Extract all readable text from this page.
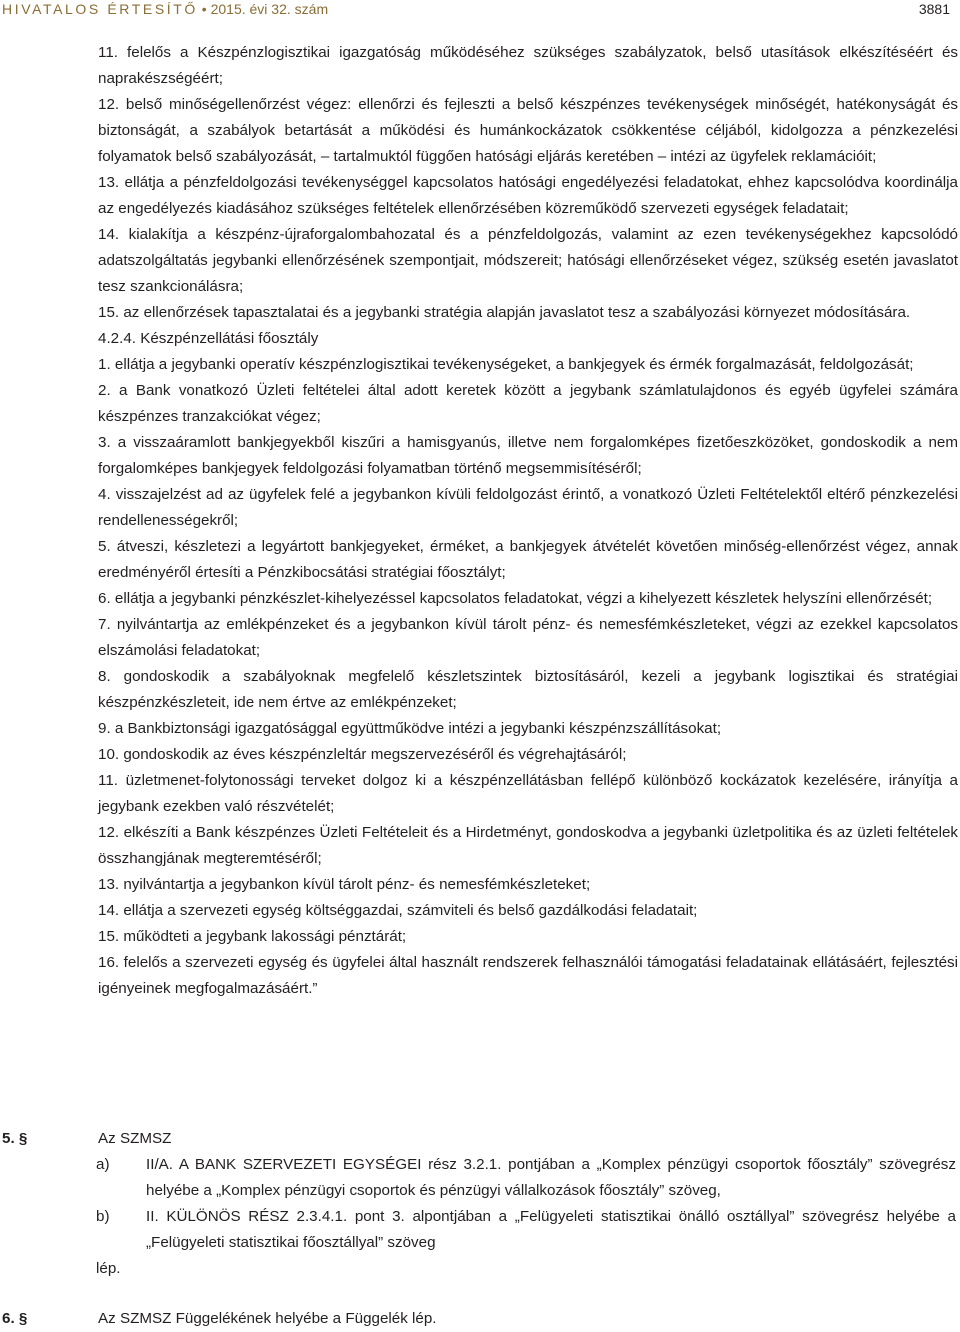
HIVATALOS ÉRTESÍTŐ • 2015. évi 32. szám	3881

11. felelős a Készpénzlogisztikai igazgatóság működéséhez szükséges szabályzatok, belső utasítások elkészítéséért és naprakészségéért;

12. belső minőségellenőrzést végez: ellenőrzi és fejleszti a belső készpénzes tevékenységek minőségét, hatékonyságát és biztonságát, a szabályok betartását a működési és humánkockázatok csökkentése céljából, kidolgozza a pénzkezelési folyamatok belső szabályozását, – tartalmuktól függően hatósági eljárás keretében – intézi az ügyfelek reklamációit;

13. ellátja a pénzfeldolgozási tevékenységgel kapcsolatos hatósági engedélyezési feladatokat, ehhez kapcsolódva koordinálja az engedélyezés kiadásához szükséges feltételek ellenőrzésében közreműködő szervezeti egységek feladatait;

14. kialakítja a készpénz-újraforgalombahozatal és a pénzfeldolgozás, valamint az ezen tevékenységekhez kapcsolódó adatszolgáltatás jegybanki ellenőrzésének szempontjait, módszereit; hatósági ellenőrzéseket végez, szükség esetén javaslatot tesz szankcionálásra;

15. az ellenőrzések tapasztalatai és a jegybanki stratégia alapján javaslatot tesz a szabályozási környezet módosítására.

4.2.4. Készpénzellátási főosztály

1. ellátja a jegybanki operatív készpénzlogisztikai tevékenységeket, a bankjegyek és érmék forgalmazását, feldolgozását;

2. a Bank vonatkozó Üzleti feltételei által adott keretek között a jegybank számlatulajdonos és egyéb ügyfelei számára készpénzes tranzakciókat végez;

3. a visszaáramlott bankjegyekből kiszűri a hamisgyanús, illetve nem forgalomképes fizetőeszközöket, gondoskodik a nem forgalomképes bankjegyek feldolgozási folyamatban történő megsemmisítéséről;

4. visszajelzést ad az ügyfelek felé a jegybankon kívüli feldolgozást érintő, a vonatkozó Üzleti Feltételektől eltérő pénzkezelési rendellenességekről;

5. átveszi, készletezi a legyártott bankjegyeket, érméket, a bankjegyek átvételét követően minőség-ellenőrzést végez, annak eredményéről értesíti a Pénzkibocsátási stratégiai főosztályt;

6. ellátja a jegybanki pénzkészlet-kihelyezéssel kapcsolatos feladatokat, végzi a kihelyezett készletek helyszíni ellenőrzését;

7. nyilvántartja az emlékpénzeket és a jegybankon kívül tárolt pénz- és nemesfémkészleteket, végzi az ezekkel kapcsolatos elszámolási feladatokat;

8. gondoskodik a szabályoknak megfelelő készletszintek biztosításáról, kezeli a jegybank logisztikai és stratégiai készpénzkészleteit, ide nem értve az emlékpénzeket;

9. a Bankbiztonsági igazgatósággal együttműködve intézi a jegybanki készpénzszállításokat;

10. gondoskodik az éves készpénzleltár megszervezéséről és végrehajtásáról;

11. üzletmenet-folytonossági terveket dolgoz ki a készpénzellátásban fellépő különböző kockázatok kezelésére, irányítja a jegybank ezekben való részvételét;

12. elkészíti a Bank készpénzes Üzleti Feltételeit és a Hirdetményt, gondoskodva a jegybanki üzletpolitika és az üzleti feltételek összhangjának megteremtéséről;

13. nyilvántartja a jegybankon kívül tárolt pénz- és nemesfémkészleteket;

14. ellátja a szervezeti egység költséggazdai, számviteli és belső gazdálkodási feladatait;

15. működteti a jegybank lakossági pénztárát;

16. felelős a szervezeti egység és ügyfelei által használt rendszerek felhasználói támogatási feladatainak ellátásáért, fejlesztési igényeinek megfogalmazásáért.”

5. §	Az SZMSZ
a) II/A. A BANK SZERVEZETI EGYSÉGEI rész 3.2.1. pontjában a „Komplex pénzügyi csoportok főosztály” szövegrész helyébe a „Komplex pénzügyi csoportok és pénzügyi vállalkozások főosztály” szöveg,
b) II. KÜLÖNÖS RÉSZ 2.3.4.1. pont 3. alpontjában a „Felügyeleti statisztikai önálló osztállyal” szövegrész helyébe a „Felügyeleti statisztikai főosztállyal” szöveg
lép.
6. §	Az SZMSZ Függelékének helyébe a Függelék lép.
